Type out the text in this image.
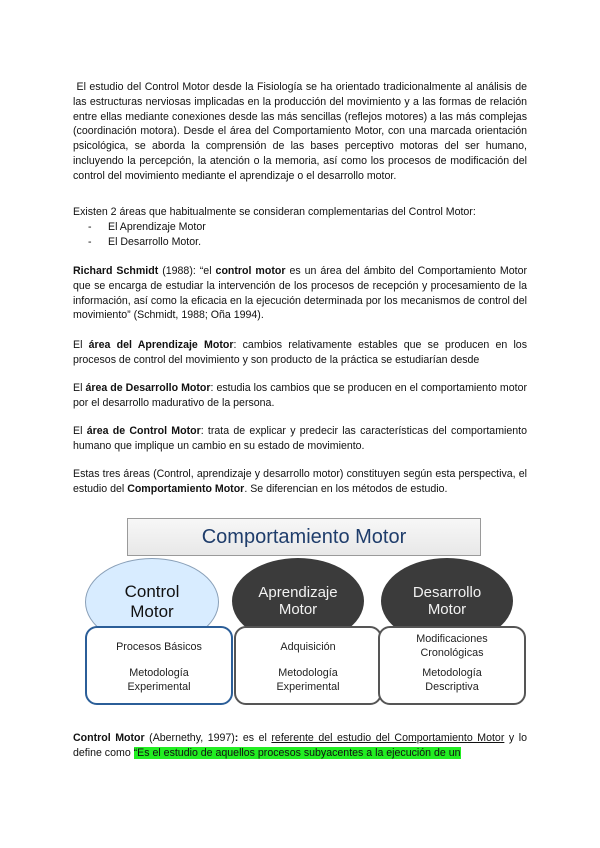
El estudio del Control Motor desde la Fisiología se ha orientado tradicionalmente al análisis de las estructuras nerviosas implicadas en la producción del movimiento y a las formas de relación entre ellas mediante conexiones desde las más sencillas (reflejos motores) a las más complejas (coordinación motora). Desde el área del Comportamiento Motor, con una marcada orientación psicológica, se aborda la comprensión de las bases perceptivo motoras del ser humano, incluyendo la percepción, la atención o la memoria, así como los procesos de modificación del control del movimiento mediante el aprendizaje o el desarrollo motor.

Existen 2 áreas que habitualmente se consideran complementarias del Control Motor:

- El Aprendizaje Motor
- El Desarrollo Motor.

Richard Schmidt (1988): “el control motor es un área del ámbito del Comportamiento Motor que se encarga de estudiar la intervención de los procesos de recepción y procesamiento de la información, así como la eficacia en la ejecución determinada por los mecanismos de control del movimiento” (Schmidt, 1988; Oña 1994).

El área del Aprendizaje Motor: cambios relativamente estables que se producen en los procesos de control del movimiento y son producto de la práctica se estudiarían desde

El área de Desarrollo Motor: estudia los cambios que se producen en el comportamiento motor por el desarrollo madurativo de la persona.

El área de Control Motor: trata de explicar y predecir las características del comportamiento humano que implique un cambio en su estado de movimiento.

Estas tres áreas (Control, aprendizaje y desarrollo motor) constituyen según esta perspectiva, el estudio del Comportamiento Motor. Se diferencian en los métodos de estudio.

Comportamiento Motor
Control
Motor
Aprendizaje
Motor
Desarrollo
Motor
Procesos Básicos
Metodología
Experimental
Adquisición
Metodología
Experimental
Modificaciones
Cronológicas
Metodología
Descriptiva

Control Motor (Abernethy, 1997): es el referente del estudio del Comportamiento Motor y lo define como “Es el estudio de aquellos procesos subyacentes a la ejecución de un
